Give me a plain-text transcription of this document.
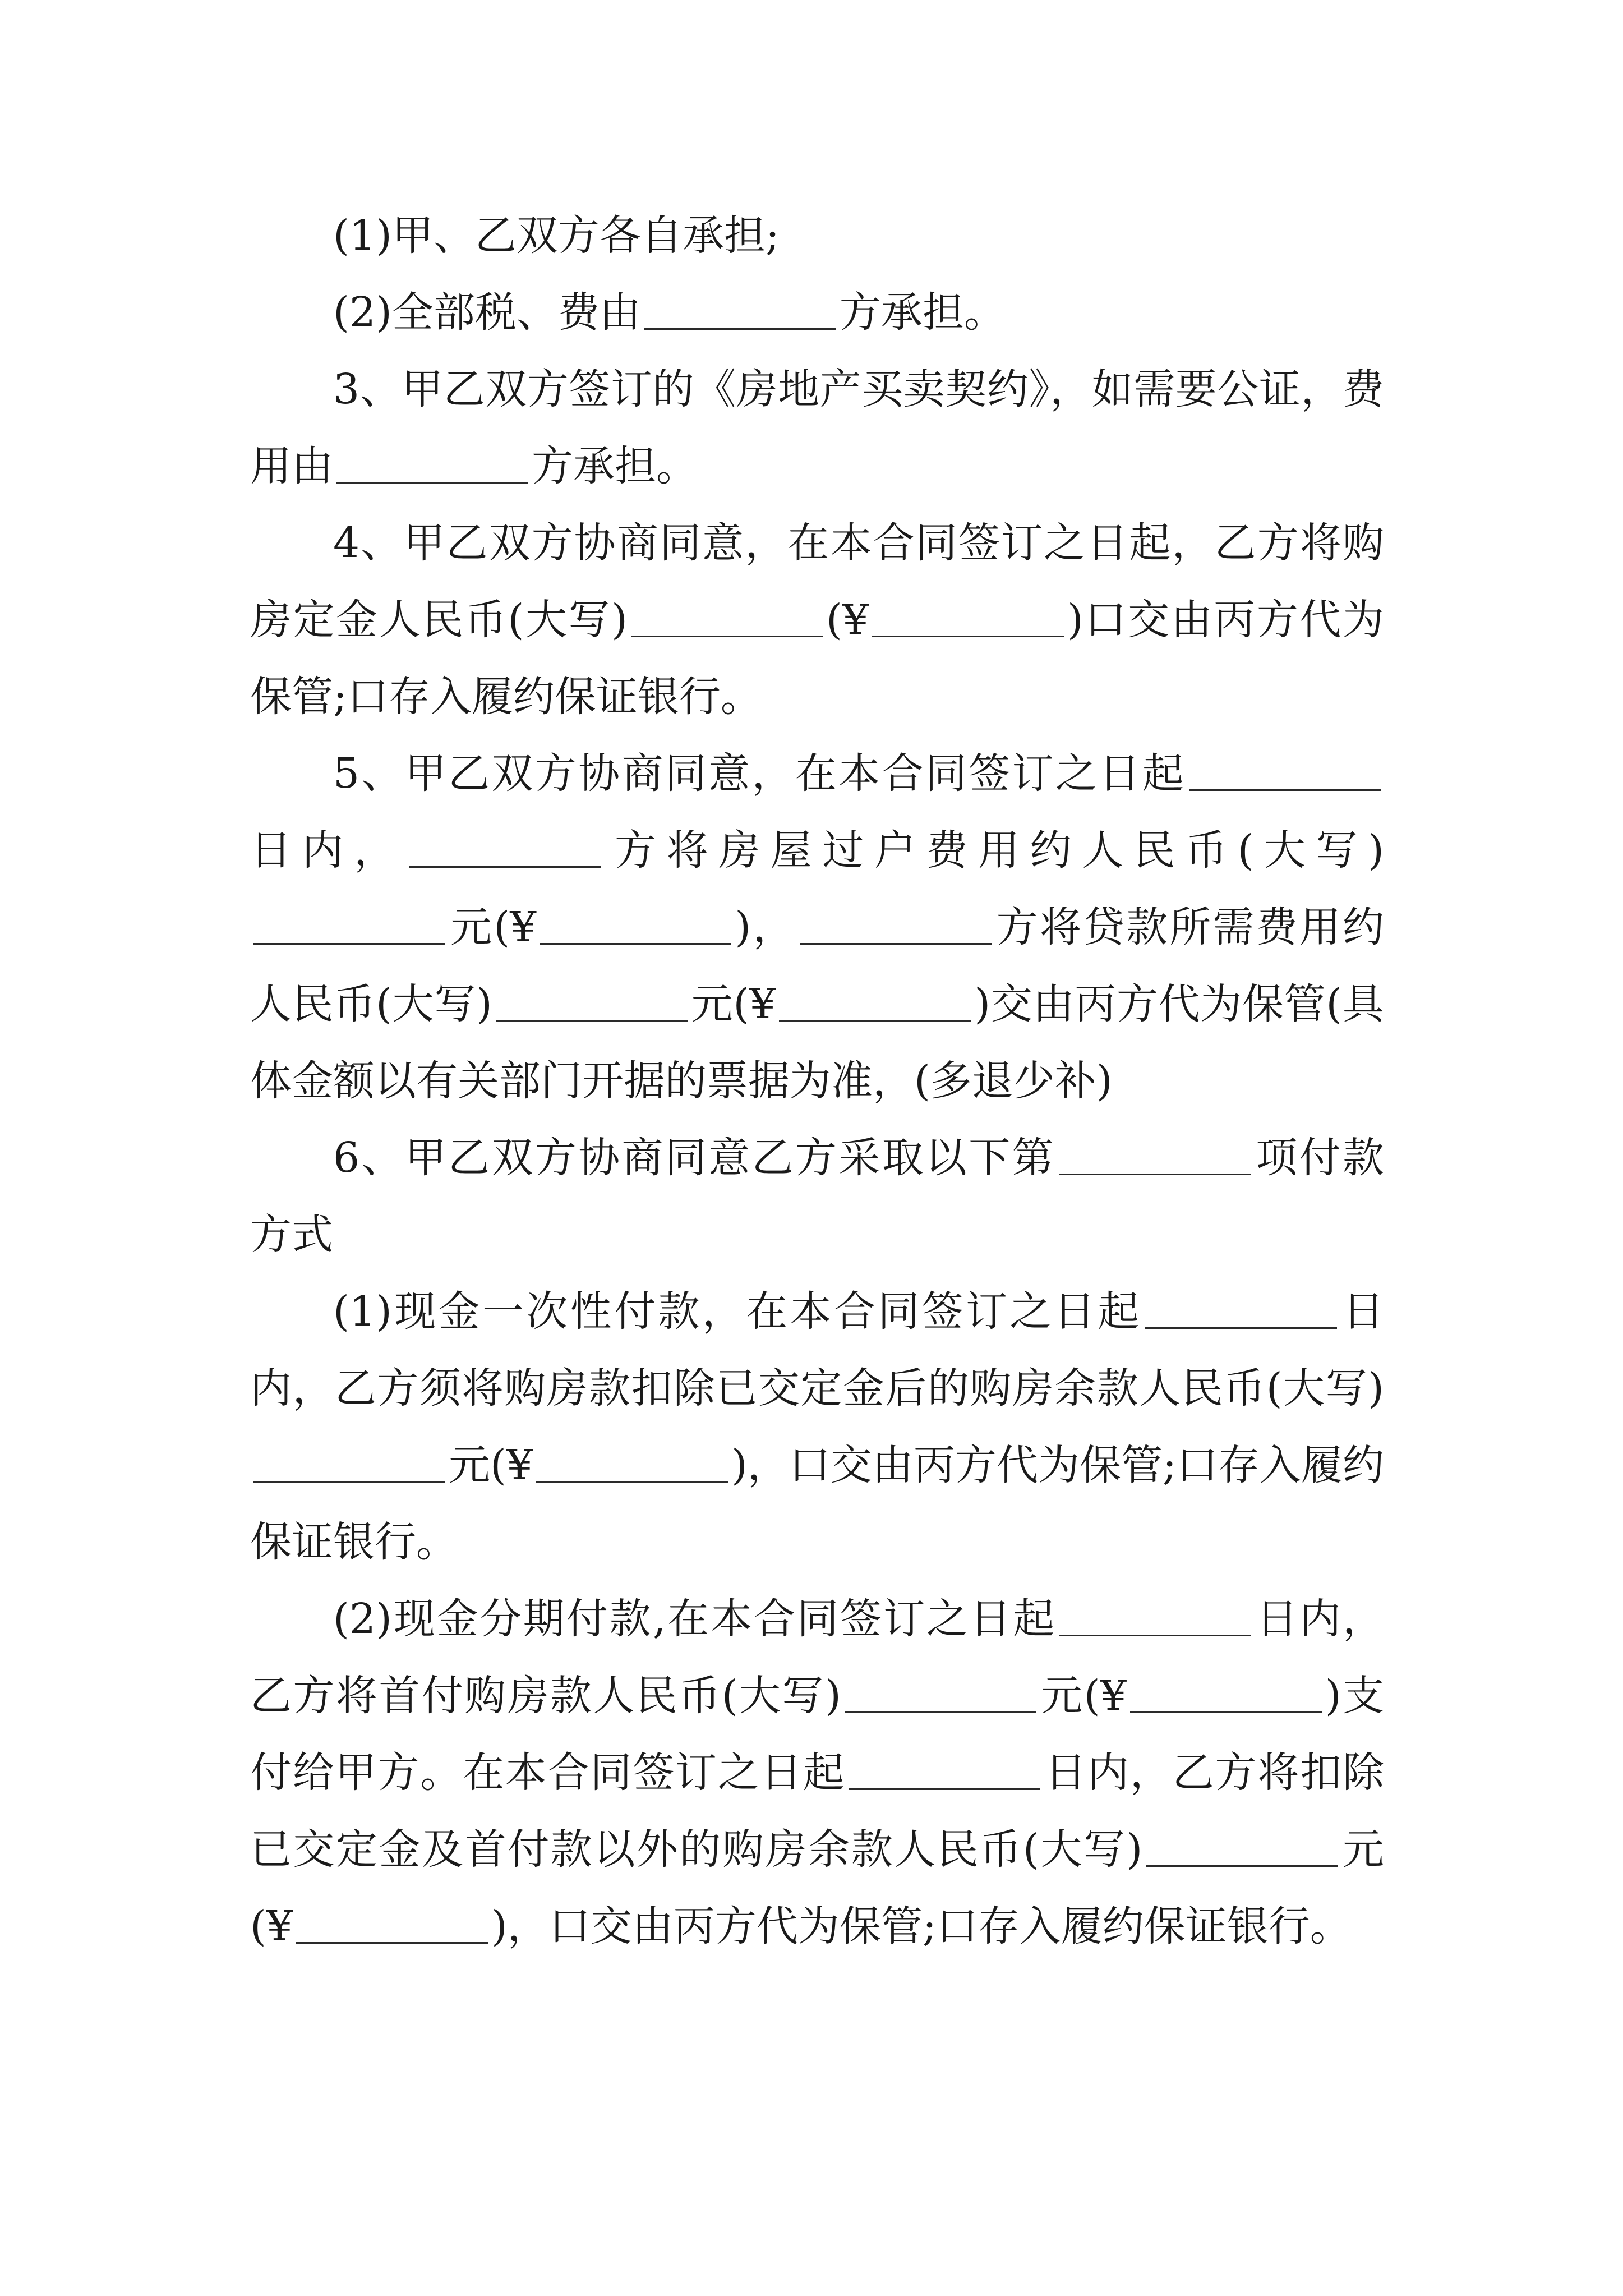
(1)甲、乙双方各自承担;

(2)全部税、费由	方承担。

3、甲乙双方签订的《房地产买卖契约》，如需要公证，费用由	方承担。

4、甲乙双方协商同意，在本合同签订之日起，乙方将购房定金人民币(大写)	(¥	)口交由丙方代为保管;口存入履约保证银行。

5、甲乙双方协商同意，在本合同签订之日起日内，	方将房屋过户费用约人民币(大写)元(¥	)，	方将贷款所需费用约人民币(大写)	元(¥	)交由丙方代为保管(具体金额以有关部门开据的票据为准，(多退少补)

6、甲乙双方协商同意乙方采取以下第	项付款方式

(1)现金一次性付款，在本合同签订之日起	日内，乙方须将购房款扣除已交定金后的购房余款人民币(大写)元(¥	)，口交由丙方代为保管;口存入履约保证银行。

(2)现金分期付款,在本合同签订之日起	日内，乙方将首付购房款人民币(大写)	元(¥	)支付给甲方。在本合同签订之日起	日内，乙方将扣除已交定金及首付款以外的购房余款人民币(大写)	元(¥	)，口交由丙方代为保管;口存入履约保证银行。
